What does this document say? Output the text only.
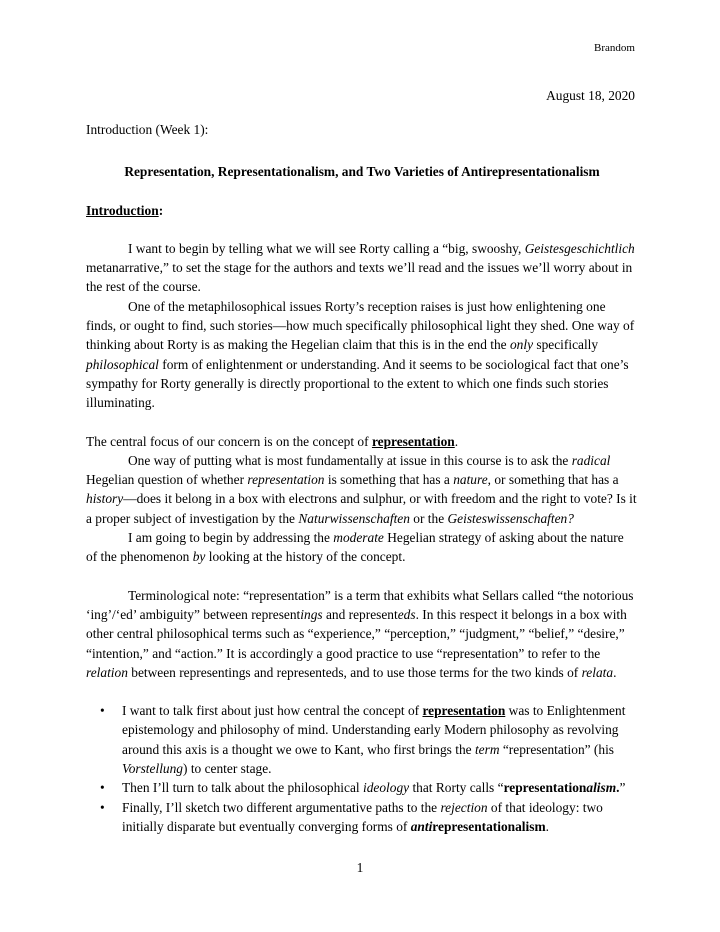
Brandom
August 18, 2020

Introduction (Week 1):

Representation, Representationalism, and Two Varieties of Antirepresentationalism

Introduction:

I want to begin by telling what we will see Rorty calling a “big, swooshy, Geistesgeschichtlich metanarrative,” to set the stage for the authors and texts we’ll read and the issues we’ll worry about in the rest of the course.

One of the metaphilosophical issues Rorty’s reception raises is just how enlightening one finds, or ought to find, such stories—how much specifically philosophical light they shed. One way of thinking about Rorty is as making the Hegelian claim that this is in the end the only specifically philosophical form of enlightenment or understanding. And it seems to be sociological fact that one’s sympathy for Rorty generally is directly proportional to the extent to which one finds such stories illuminating.

The central focus of our concern is on the concept of representation.

One way of putting what is most fundamentally at issue in this course is to ask the radical Hegelian question of whether representation is something that has a nature, or something that has a history—does it belong in a box with electrons and sulphur, or with freedom and the right to vote? Is it a proper subject of investigation by the Naturwissenschaften or the Geisteswissenschaften?

I am going to begin by addressing the moderate Hegelian strategy of asking about the nature of the phenomenon by looking at the history of the concept.

Terminological note: “representation” is a term that exhibits what Sellars called “the notorious ‘ing’/‘ed’ ambiguity” between representings and representeds. In this respect it belongs in a box with other central philosophical terms such as “experience,” “perception,” “judgment,” “belief,” “desire,” “intention,” and “action.” It is accordingly a good practice to use “representation” to refer to the relation between representings and representeds, and to use those terms for the two kinds of relata.

• I want to talk first about just how central the concept of representation was to Enlightenment epistemology and philosophy of mind. Understanding early Modern philosophy as revolving around this axis is a thought we owe to Kant, who first brings the term “representation” (his Vorstellung) to center stage.
• Then I’ll turn to talk about the philosophical ideology that Rorty calls “representationalism.”
• Finally, I’ll sketch two different argumentative paths to the rejection of that ideology: two initially disparate but eventually converging forms of antirepresentationalism.
1
